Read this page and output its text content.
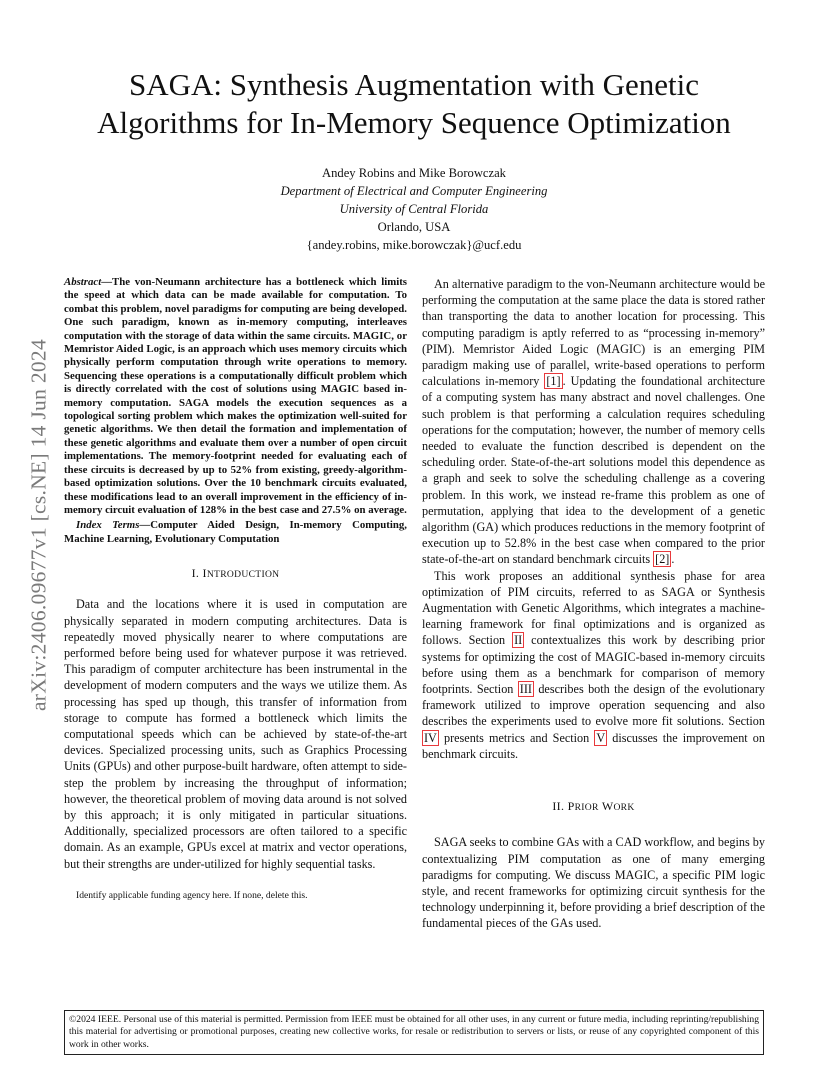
arXiv:2406.09677v1 [cs.NE] 14 Jun 2024
SAGA: Synthesis Augmentation with Genetic
Algorithms for In-Memory Sequence Optimization
Andey Robins and Mike Borowczak
Department of Electrical and Computer Engineering
University of Central Florida
Orlando, USA
{andey.robins, mike.borowczak}@ucf.edu

Abstract—The von-Neumann architecture has a bottleneck which limits the speed at which data can be made available for computation. To combat this problem, novel paradigms for computing are being developed. One such paradigm, known as in-memory computing, interleaves computation with the storage of data within the same circuits. MAGIC, or Memristor Aided Logic, is an approach which uses memory circuits which physically perform computation through write operations to memory. Sequencing these operations is a computationally difficult problem which is directly correlated with the cost of solutions using MAGIC based in-memory computation. SAGA models the execution sequences as a topological sorting problem which makes the optimization well-suited for genetic algorithms. We then detail the formation and implementation of these genetic algorithms and evaluate them over a number of open circuit implementations. The memory-footprint needed for evaluating each of these circuits is decreased by up to 52% from existing, greedy-algorithm-based optimization solutions. Over the 10 benchmark circuits evaluated, these modifications lead to an overall improvement in the efficiency of in-memory circuit evaluation of 128% in the best case and 27.5% on average.

Index Terms—Computer Aided Design, In-memory Computing, Machine Learning, Evolutionary Computation

I. INTRODUCTION

Data and the locations where it is used in computation are physically separated in modern computing architectures. Data is repeatedly moved physically nearer to where computations are performed before being used for whatever purpose it was retrieved. This paradigm of computer architecture has been instrumental in the development of modern computers and the ways we utilize them. As processing has sped up though, this transfer of information from storage to compute has formed a bottleneck which limits the computational speeds which can be achieved by state-of-the-art devices. Specialized processing units, such as Graphics Processing Units (GPUs) and other purpose-built hardware, often attempt to side-step the problem by increasing the throughput of information; however, the theoretical problem of moving data around is not solved by this approach; it is only mitigated in particular situations. Additionally, specialized processors are often tailored to a specific domain. As an example, GPUs excel at matrix and vector operations, but their strengths are under-utilized for highly sequential tasks.

Identify applicable funding agency here. If none, delete this.

An alternative paradigm to the von-Neumann architecture would be performing the computation at the same place the data is stored rather than transporting the data to another location for processing. This computing paradigm is aptly referred to as “processing in-memory” (PIM). Memristor Aided Logic (MAGIC) is an emerging PIM paradigm making use of parallel, write-based operations to perform calculations in-memory [1] . Updating the foundational architecture of a computing system has many abstract and novel challenges. One such problem is that performing a calculation requires scheduling operations for the computation; however, the number of memory cells needed to evaluate the function described is dependent on the scheduling order. State-of-the-art solutions model this dependence as a graph and seek to solve the scheduling challenge as a covering problem. In this work, we instead re-frame this problem as one of permutation, applying that idea to the development of a genetic algorithm (GA) which produces reductions in the memory footprint of execution up to 52.8% in the best case when compared to the prior state-of-the-art on standard benchmark circuits [2] .

This work proposes an additional synthesis phase for area optimization of PIM circuits, referred to as SAGA or Synthesis Augmentation with Genetic Algorithms, which integrates a machine-learning framework for final optimizations and is organized as follows. Section II contextualizes this work by describing prior systems for optimizing the cost of MAGIC-based in-memory circuits before using them as a benchmark for comparison of memory footprints. Section III describes both the design of the evolutionary framework utilized to improve operation sequencing and also describes the experiments used to evolve more fit solutions. Section IV presents metrics and Section V discusses the improvement on benchmark circuits.

II. PRIOR WORK

SAGA seeks to combine GAs with a CAD workflow, and begins by contextualizing PIM computation as one of many emerging paradigms for computing. We discuss MAGIC, a specific PIM logic style, and recent frameworks for optimizing circuit synthesis for the technology underpinning it, before providing a brief description of the fundamental pieces of the GAs used.

©2024 IEEE. Personal use of this material is permitted. Permission from IEEE must be obtained for all other uses, in any current or future media, including reprinting/republishing this material for advertising or promotional purposes, creating new collective works, for resale or redistribution to servers or lists, or reuse of any copyrighted component of this work in other works.
